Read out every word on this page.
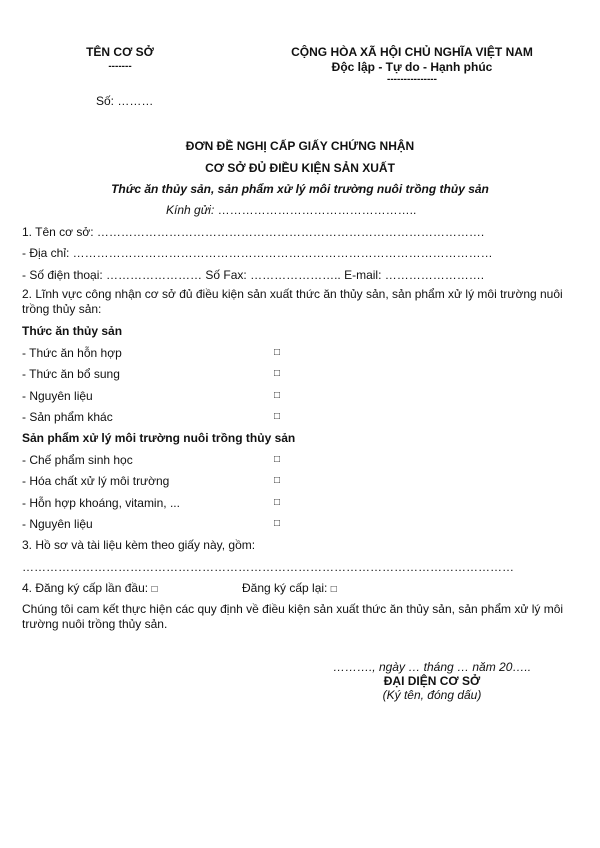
TÊN CƠ SỞ
-------
CỘNG HÒA XÃ HỘI CHỦ NGHĨA VIỆT NAM
Độc lập - Tự do - Hạnh phúc
---------------
Số: ………
ĐƠN ĐỀ NGHỊ CẤP GIẤY CHỨNG NHẬN
CƠ SỞ ĐỦ ĐIỀU KIỆN SẢN XUẤT
Thức ăn thủy sản, sản phẩm xử lý môi trường nuôi trồng thủy sản
Kính gửi: …………………………………………..
1. Tên cơ sở: …………………………………………………………………………………….
- Địa chỉ: ……………………………………………………………………………………………
- Số điện thoại: …………………… Số Fax: ………………….. E-mail: …………………….
2. Lĩnh vực công nhận cơ sở đủ điều kiện sản xuất thức ăn thủy sản, sản phẩm xử lý môi trường nuôi trồng thủy sản:
Thức ăn thủy sản
- Thức ăn hỗn hợp	□
- Thức ăn bổ sung	□
- Nguyên liệu	□
- Sản phẩm khác	□
Sản phẩm xử lý môi trường nuôi trồng thủy sản
- Chế phẩm sinh học	□
- Hóa chất xử lý môi trường	□
- Hỗn hợp khoáng, vitamin, ...	□
- Nguyên liệu	□
3. Hồ sơ và tài liệu kèm theo giấy này, gồm:
……………………………………………………………………………………………………………
4. Đăng ký cấp lần đầu: □	Đăng ký cấp lại: □
Chúng tôi cam kết thực hiện các quy định về điều kiện sản xuất thức ăn thủy sản, sản phẩm xử lý môi trường nuôi trồng thủy sản.
………., ngày … tháng … năm 20…..
ĐẠI DIỆN CƠ SỞ
(Ký tên, đóng dấu)
